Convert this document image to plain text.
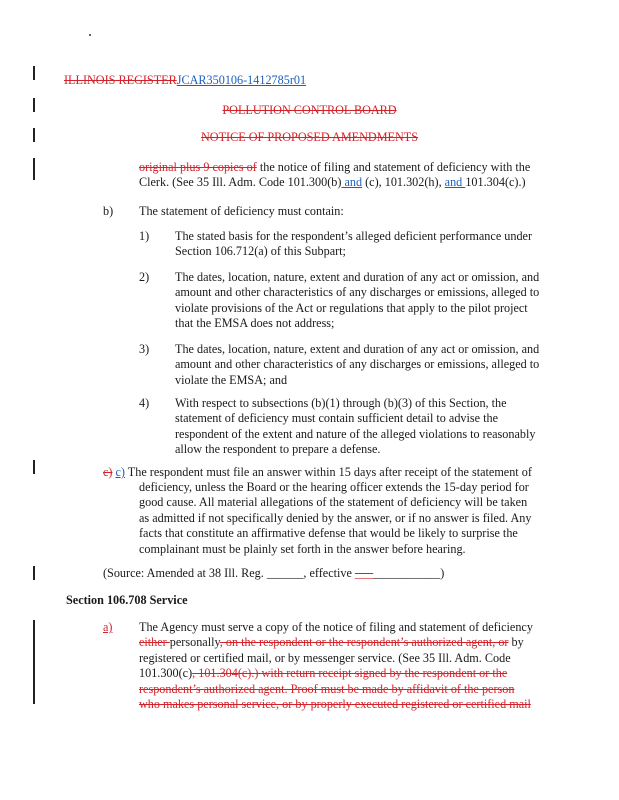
ILLINOIS REGISTERJCAR350106-1412785r01
POLLUTION CONTROL BOARD
NOTICE OF PROPOSED AMENDMENTS
original plus 9 copies of the notice of filing and statement of deficiency with the
Clerk. (See 35 Ill. Adm. Code 101.300(b) and (c), 101.302(h), and 101.304(c).)
b) The statement of deficiency must contain:
1) The stated basis for the respondent’s alleged deficient performance under
Section 106.712(a) of this Subpart;
2) The dates, location, nature, extent and duration of any act or omission, and
amount and other characteristics of any discharges or emissions, alleged to
violate provisions of the Act or regulations that apply to the pilot project
that the EMSA does not address;
3) The dates, location, nature, extent and duration of any act or omission, and
amount and other characteristics of any discharges or emissions, alleged to
violate the EMSA; and
4) With respect to subsections (b)(1) through (b)(3) of this Section, the
statement of deficiency must contain sufficient detail to advise the
respondent of the extent and nature of the alleged violations to reasonably
allow the respondent to prepare a defense.
c) c) The respondent must file an answer within 15 days after receipt of the statement of
deficiency, unless the Board or the hearing officer extends the 15-day period for
good cause. All material allegations of the statement of deficiency will be taken
as admitted if not specifically denied by the answer, or if no answer is filed. Any
facts that constitute an affirmative defense that would be likely to surprise the
complainant must be plainly set forth in the answer before hearing.
(Source: Amended at 38 Ill. Reg. ______, effective ______________)
Section 106.708 Service
a) The Agency must serve a copy of the notice of filing and statement of deficiency
either personally, on the respondent or the respondent’s authorized agent, or by
registered or certified mail, or by messenger service. (See 35 Ill. Adm. Code
101.300(c), 101.304(c).) with return receipt signed by the respondent or the
respondent’s authorized agent. Proof must be made by affidavit of the person
who makes personal service, or by properly executed registered or certified mail
